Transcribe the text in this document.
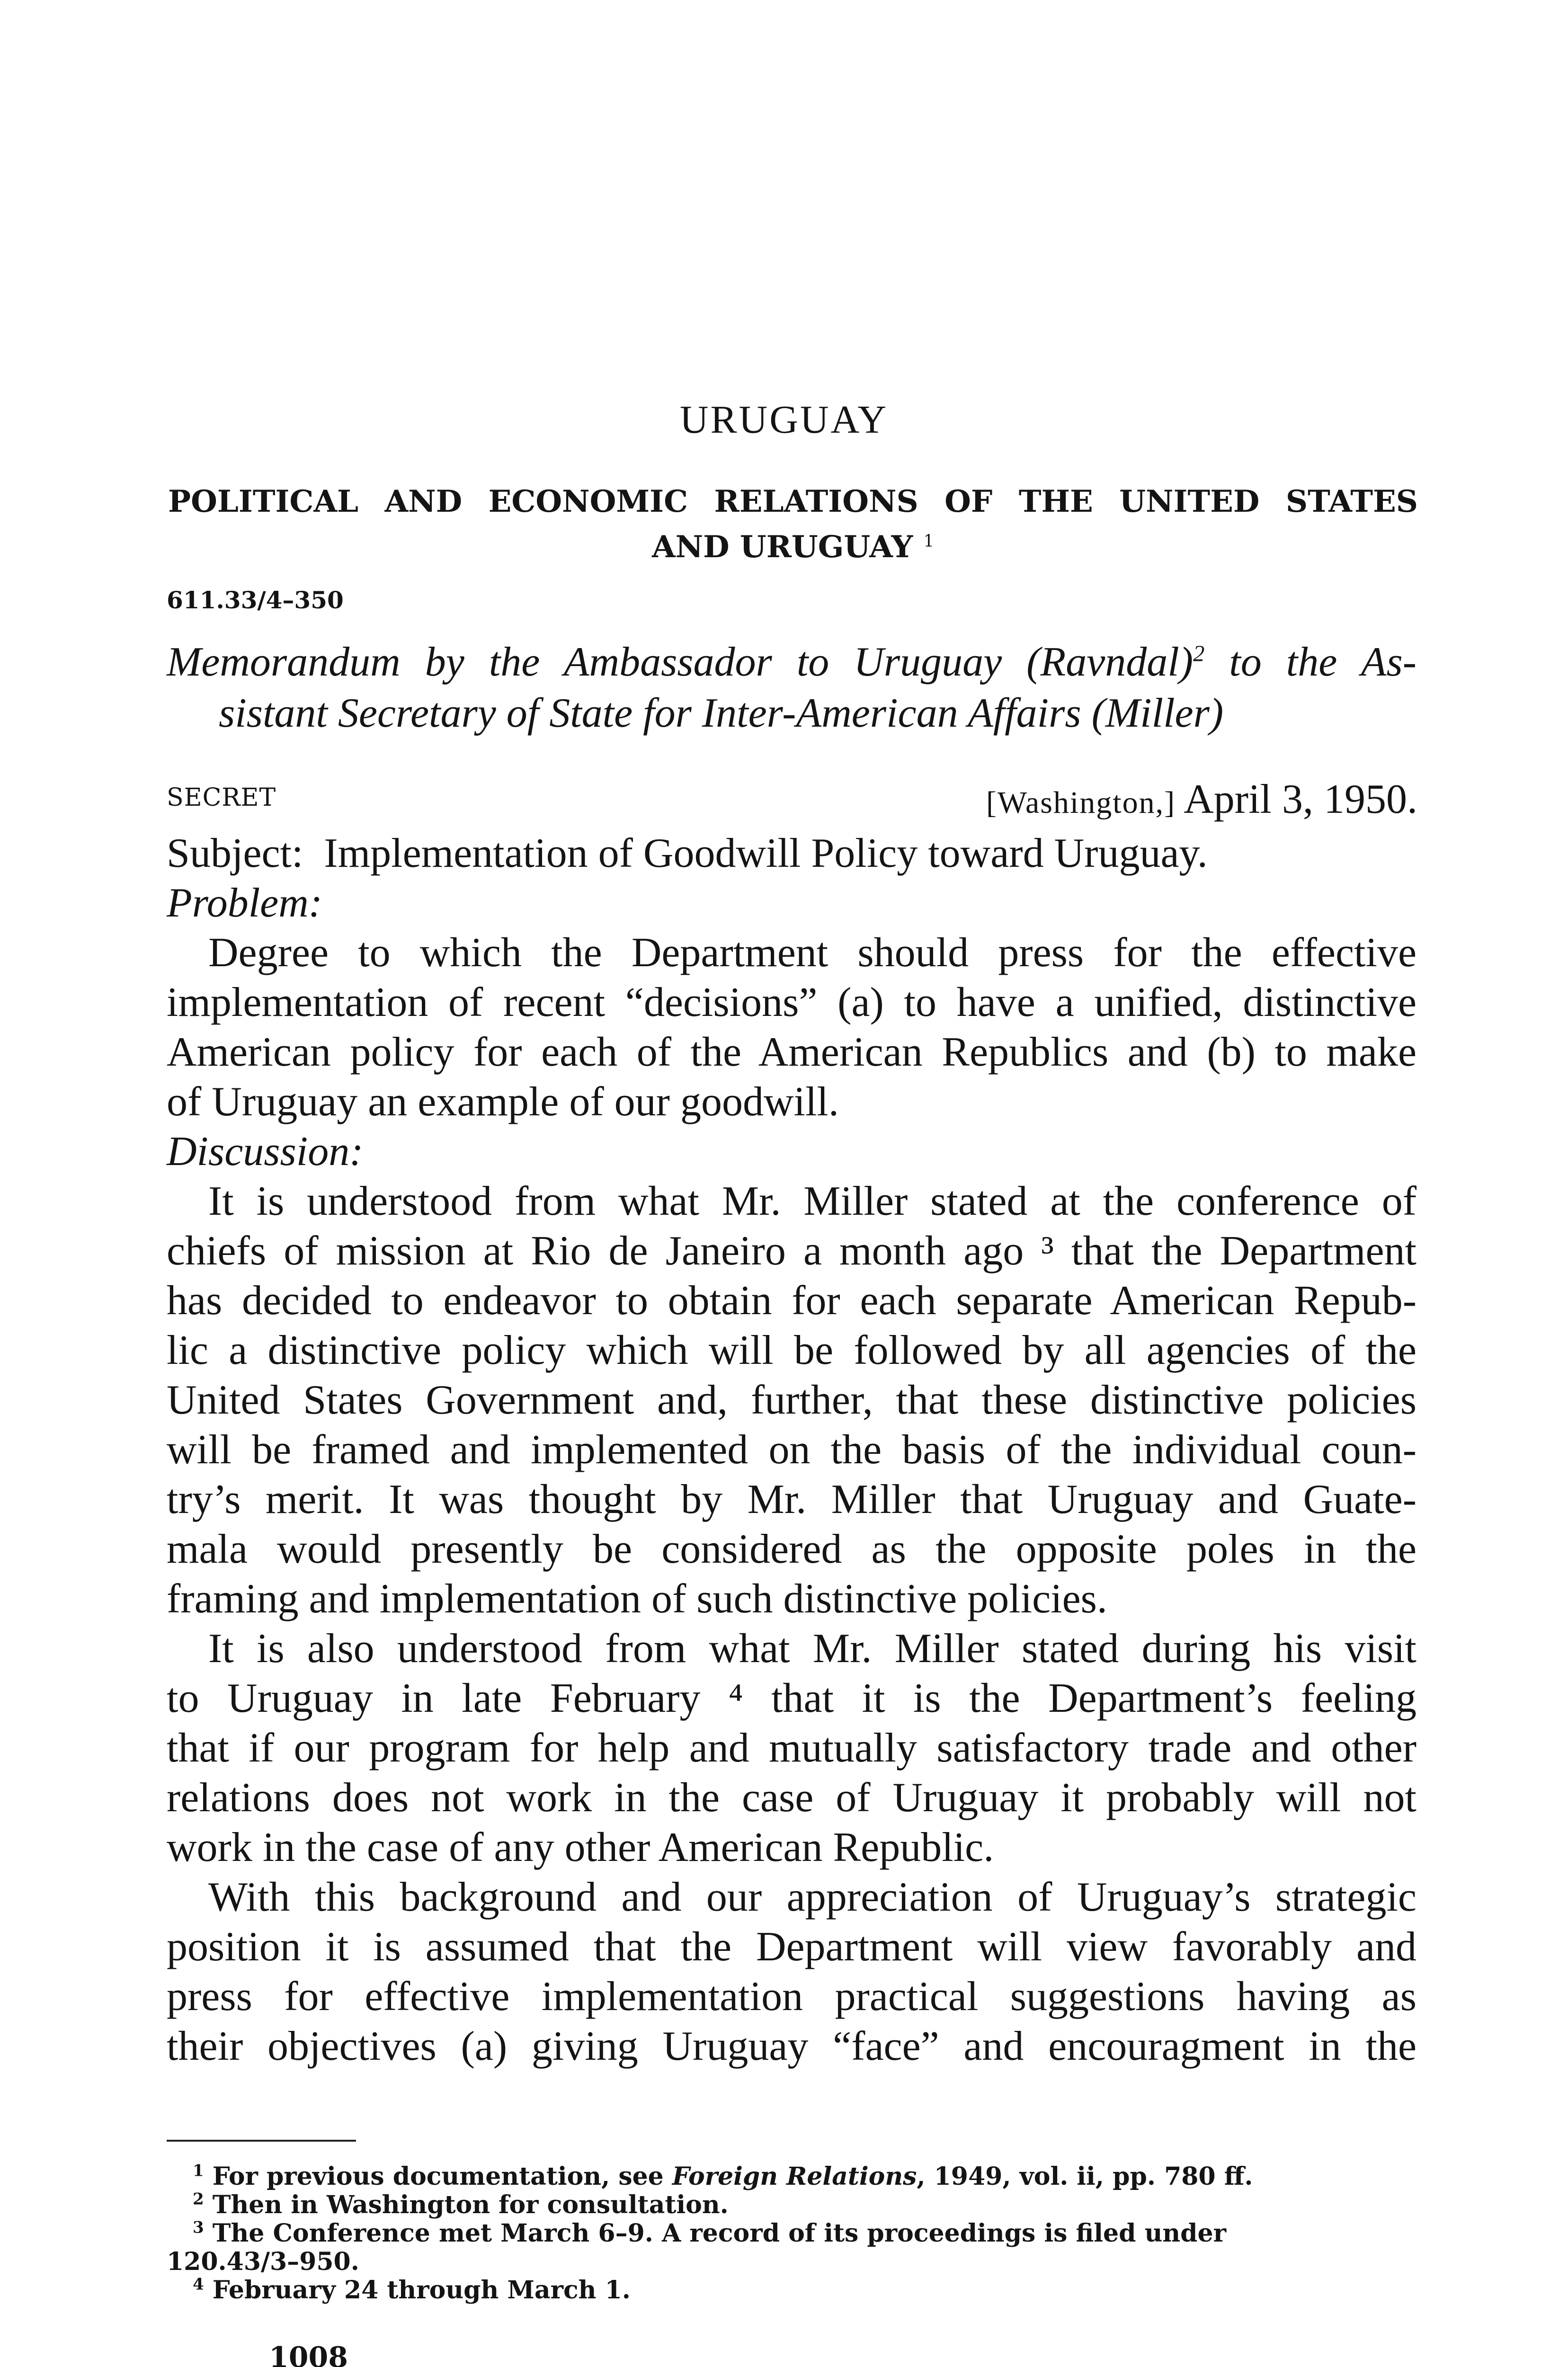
URUGUAY
POLITICAL AND ECONOMIC RELATIONS OF THE UNITED STATES
AND URUGUAY $^1$
611.33/4–350
Memorandum by the Ambassador to Uruguay (Ravndal)$^2$ to the As-
sistant Secretary of State for Inter-American Affairs (Miller)
SECRET	[Washington,] April 3, 1950.
Subject: Implementation of Goodwill Policy toward Uruguay.
Problem:

Degree to which the Department should press for the effective
implementation of recent “decisions” (a) to have a unified, distinctive
American policy for each of the American Republics and (b) to make
of Uruguay an example of our goodwill.

Discussion:

It is understood from what Mr. Miller stated at the conference of
chiefs of mission at Rio de Janeiro a month ago ³ that the Department
has decided to endeavor to obtain for each separate American Repub-
lic a distinctive policy which will be followed by all agencies of the
United States Government and, further, that these distinctive policies
will be framed and implemented on the basis of the individual coun-
try’s merit. It was thought by Mr. Miller that Uruguay and Guate-
mala would presently be considered as the opposite poles in the
framing and implementation of such distinctive policies.

It is also understood from what Mr. Miller stated during his visit
to Uruguay in late February ⁴ that it is the Department’s feeling
that if our program for help and mutually satisfactory trade and other
relations does not work in the case of Uruguay it probably will not
work in the case of any other American Republic.

With this background and our appreciation of Uruguay’s strategic
position it is assumed that the Department will view favorably and
press for effective implementation practical suggestions having as
their objectives (a) giving Uruguay “face” and encouragment in the

$^1$ For previous documentation, see Foreign Relations, 1949, vol. ii, pp. 780 ff.
$^2$ Then in Washington for consultation.
$^3$ The Conference met March 6–9. A record of its proceedings is filed under
120.43/3–950.
$^4$ February 24 through March 1.
1008
